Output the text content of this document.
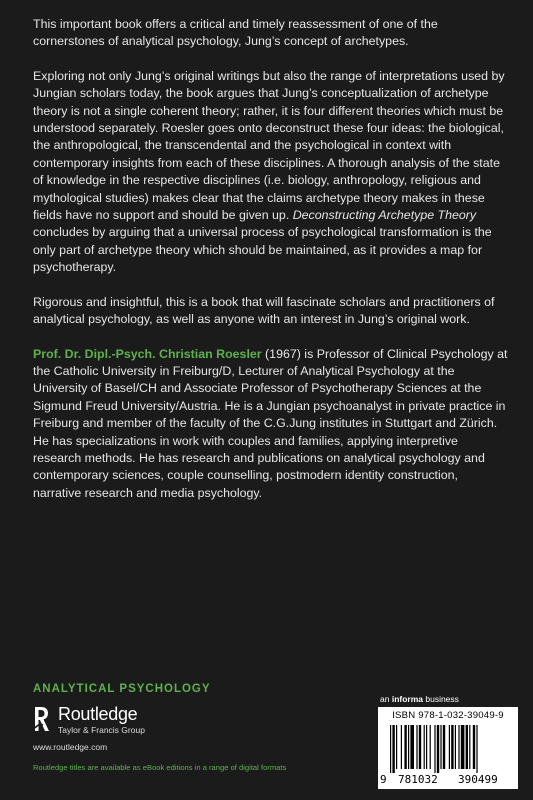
This important book offers a critical and timely reassessment of one of the cornerstones of analytical psychology, Jung’s concept of archetypes.

Exploring not only Jung’s original writings but also the range of interpretations used by Jungian scholars today, the book argues that Jung’s conceptualization of archetype theory is not a single coherent theory; rather, it is four different theories which must be understood separately. Roesler goes onto deconstruct these four ideas: the biological, the anthropological, the transcendental and the psychological in context with contemporary insights from each of these disciplines. A thorough analysis of the state of knowledge in the respective disciplines (i.e. biology, anthropology, religious and mythological studies) makes clear that the claims archetype theory makes in these fields have no support and should be given up. Deconstructing Archetype Theory concludes by arguing that a universal process of psychological transformation is the only part of archetype theory which should be maintained, as it provides a map for psychotherapy.

Rigorous and insightful, this is a book that will fascinate scholars and practitioners of analytical psychology, as well as anyone with an interest in Jung’s original work.

Prof. Dr. Dipl.-Psych. Christian Roesler (1967) is Professor of Clinical Psychology at the Catholic University in Freiburg/D, Lecturer of Analytical Psychology at the University of Basel/CH and Associate Professor of Psychotherapy Sciences at the Sigmund Freud University/Austria. He is a Jungian psychoanalyst in private practice in Freiburg and member of the faculty of the C.G.Jung institutes in Stuttgart and Zürich. He has specializations in work with couples and families, applying interpretive research methods. He has research and publications on analytical psychology and contemporary sciences, couple counselling, postmodern identity construction, narrative research and media psychology.

ANALYTICAL PSYCHOLOGY
Routledge
Taylor & Francis Group
www.routledge.com
Routledge titles are available as eBook editions in a range of digital formats
an informa business
ISBN 978-1-032-39049-9
9 781032 390499
